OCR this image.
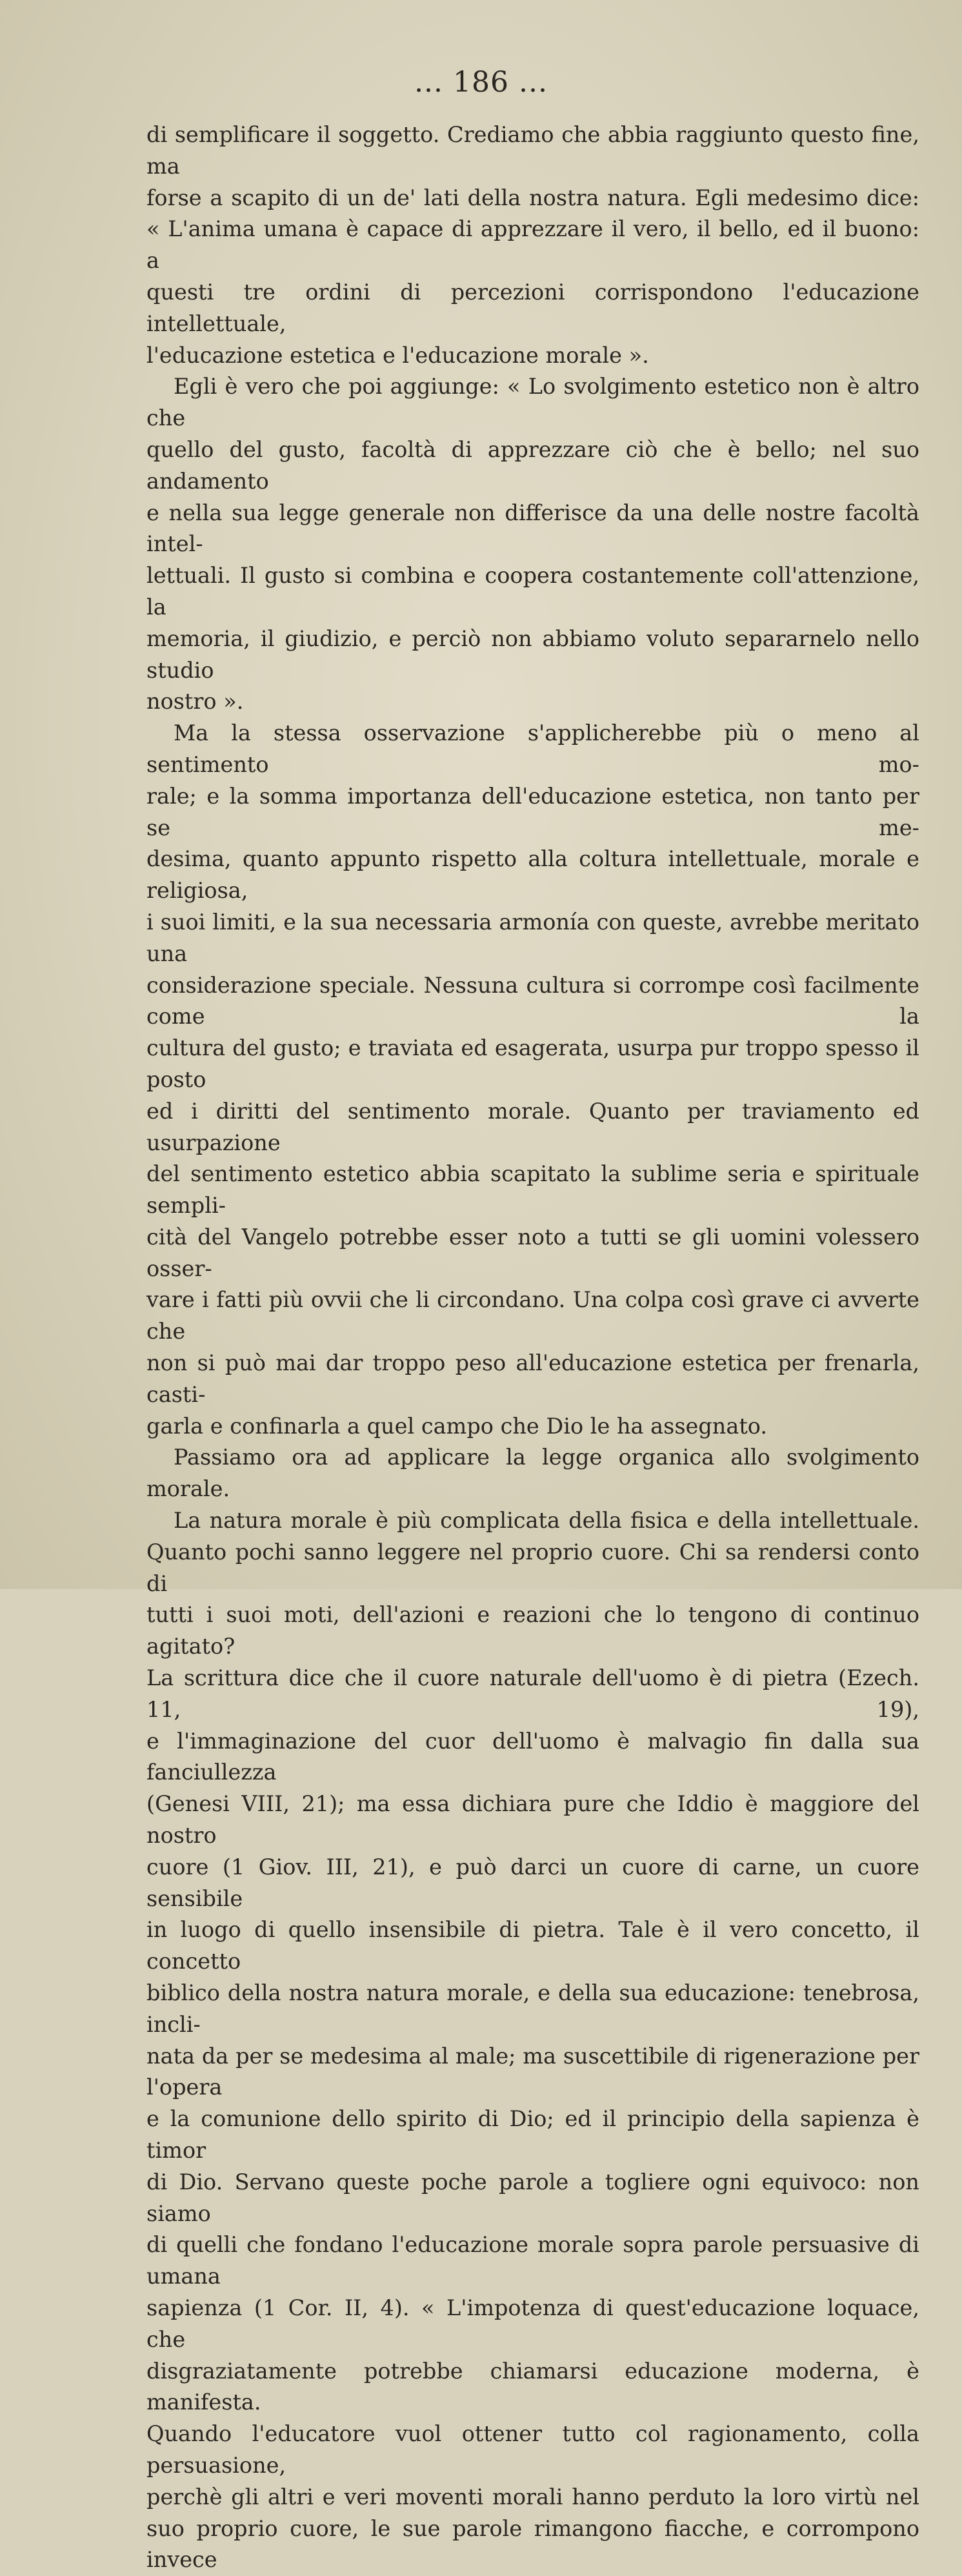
... 186 ...

di semplificare il soggetto. Crediamo che abbia raggiunto questo fine, ma

forse a scapito di un de' lati della nostra natura. Egli medesimo dice:

« L'anima umana è capace di apprezzare il vero, il bello, ed il buono: a

questi tre ordini di percezioni corrispondono l'educazione intellettuale,

l'educazione estetica e l'educazione morale ».

Egli è vero che poi aggiunge: « Lo svolgimento estetico non è altro che

quello del gusto, facoltà di apprezzare ciò che è bello; nel suo andamento

e nella sua legge generale non differisce da una delle nostre facoltà intel-

lettuali. Il gusto si combina e coopera costantemente coll'attenzione, la

memoria, il giudizio, e perciò non abbiamo voluto separarnelo nello studio

nostro ».

Ma la stessa osservazione s'applicherebbe più o meno al sentimento mo-

rale; e la somma importanza dell'educazione estetica, non tanto per se me-

desima, quanto appunto rispetto alla coltura intellettuale, morale e religiosa,

i suoi limiti, e la sua necessaria armonía con queste, avrebbe meritato una

considerazione speciale. Nessuna cultura si corrompe così facilmente come la

cultura del gusto; e traviata ed esagerata, usurpa pur troppo spesso il posto

ed i diritti del sentimento morale. Quanto per traviamento ed usurpazione

del sentimento estetico abbia scapitato la sublime seria e spirituale sempli-

cità del Vangelo potrebbe esser noto a tutti se gli uomini volessero osser-

vare i fatti più ovvii che li circondano. Una colpa così grave ci avverte che

non si può mai dar troppo peso all'educazione estetica per frenarla, casti-

garla e confinarla a quel campo che Dio le ha assegnato.

Passiamo ora ad applicare la legge organica allo svolgimento morale.

La natura morale è più complicata della fisica e della intellettuale.

Quanto pochi sanno leggere nel proprio cuore. Chi sa rendersi conto di

tutti i suoi moti, dell'azioni e reazioni che lo tengono di continuo agitato?

La scrittura dice che il cuore naturale dell'uomo è di pietra (Ezech. 11, 19),

e l'immaginazione del cuor dell'uomo è malvagio fin dalla sua fanciullezza

(Genesi VIII, 21); ma essa dichiara pure che Iddio è maggiore del nostro

cuore (1 Giov. III, 21), e può darci un cuore di carne, un cuore sensibile

in luogo di quello insensibile di pietra. Tale è il vero concetto, il concetto

biblico della nostra natura morale, e della sua educazione: tenebrosa, incli-

nata da per se medesima al male; ma suscettibile di rigenerazione per l'opera

e la comunione dello spirito di Dio; ed il principio della sapienza è timor

di Dio. Servano queste poche parole a togliere ogni equivoco: non siamo

di quelli che fondano l'educazione morale sopra parole persuasive di umana

sapienza (1 Cor. II, 4). « L'impotenza di quest'educazione loquace, che

disgraziatamente potrebbe chiamarsi educazione moderna, è manifesta.

Quando l'educatore vuol ottener tutto col ragionamento, colla persuasione,

perchè gli altri e veri moventi morali hanno perduto la loro virtù nel

suo proprio cuore, le sue parole rimangono fiacche, e corrompono invece
